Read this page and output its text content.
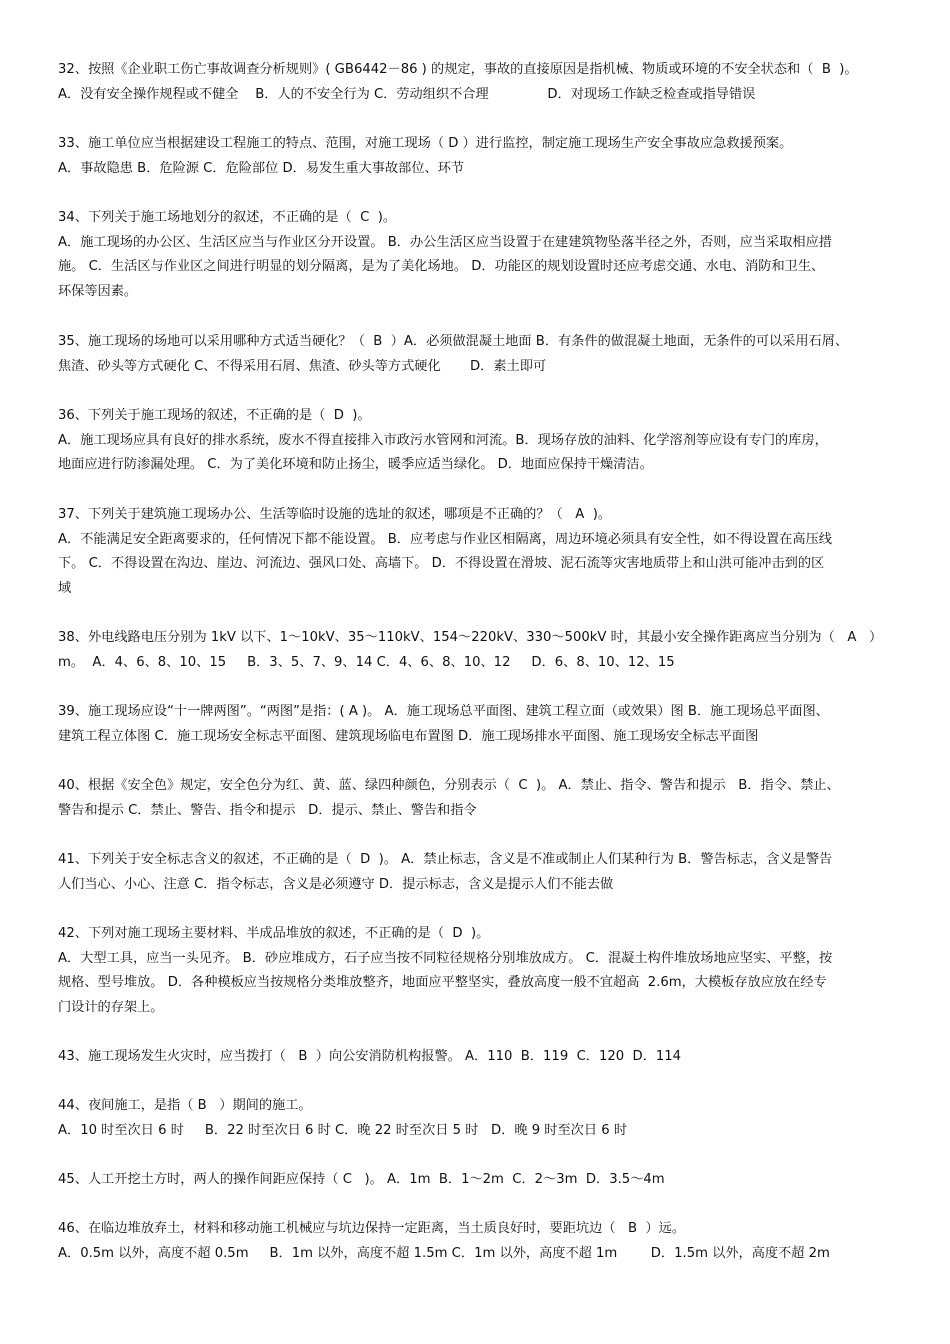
32、按照《企业职工伤亡事故调查分析规则》( GB6442－86 ) 的规定，事故的直接原因是指机械、物质或环境的不安全状态和（  B  )。
A．没有安全操作规程或不健全    B．人的不安全行为 C．劳动组织不合理              D．对现场工作缺乏检查或指导错误

33、施工单位应当根据建设工程施工的特点、范围，对施工现场（ D ）进行监控，制定施工现场生产安全事故应急救援预案。
A．事故隐患 B．危险源 C．危险部位 D．易发生重大事故部位、环节

34、下列关于施工场地划分的叙述，不正确的是（  C  )。
A．施工现场的办公区、生活区应当与作业区分开设置。 B．办公生活区应当设置于在建建筑物坠落半径之外，否则，应当采取相应措
施。 C．生活区与作业区之间进行明显的划分隔离，是为了美化场地。 D．功能区的规划设置时还应考虑交通、水电、消防和卫生、
环保等因素。

35、施工现场的场地可以采用哪种方式适当硬化？（  B  ）A．必须做混凝土地面 B．有条件的做混凝土地面，无条件的可以采用石屑、
焦渣、砂头等方式硬化 C、不得采用石屑、焦渣、砂头等方式硬化       D．素土即可

36、下列关于施工现场的叙述，不正确的是（  D  )。
A．施工现场应具有良好的排水系统，废水不得直接排入市政污水管网和河流。B．现场存放的油料、化学溶剂等应设有专门的库房，
地面应进行防渗漏处理。 C．为了美化环境和防止扬尘，暖季应适当绿化。 D．地面应保持干燥清洁。

37、下列关于建筑施工现场办公、生活等临时设施的选址的叙述，哪项是不正确的？（   A  )。
A．不能满足安全距离要求的，任何情况下都不能设置。 B．应考虑与作业区相隔离，周边环境必须具有安全性，如不得设置在高压线
下。 C．不得设置在沟边、崖边、河流边、强风口处、高墙下。 D．不得设置在滑坡、泥石流等灾害地质带上和山洪可能冲击到的区
域

38、外电线路电压分别为 1kV 以下、1～10kV、35～110kV、154～220kV、330～500kV 时，其最小安全操作距离应当分别为（   A   ）
m。  A．4、6、8、10、15     B．3、5、7、9、14 C．4、6、8、10、12     D．6、8、10、12、15

39、施工现场应设“十一牌两图”。“两图”是指：( A )。 A．施工现场总平面图、建筑工程立面（或效果）图 B．施工现场总平面图、
建筑工程立体图 C．施工现场安全标志平面图、建筑现场临电布置图 D．施工现场排水平面图、施工现场安全标志平面图

40、根据《安全色》规定，安全色分为红、黄、蓝、绿四种颜色，分别表示（  C  )。 A．禁止、指令、警告和提示   B．指令、禁止、
警告和提示 C．禁止、警告、指令和提示   D．提示、禁止、警告和指令

41、下列关于安全标志含义的叙述，不正确的是（  D  )。 A．禁止标志，含义是不准或制止人们某种行为 B．警告标志，含义是警告
人们当心、小心、注意 C．指令标志，含义是必须遵守 D．提示标志，含义是提示人们不能去做

42、下列对施工现场主要材料、半成品堆放的叙述，不正确的是（  D  )。
A．大型工具，应当一头见齐。 B．砂应堆成方，石子应当按不同粒径规格分别堆放成方。 C．混凝土构件堆放场地应坚实、平整，按
规格、型号堆放。 D．各种模板应当按规格分类堆放整齐，地面应平整坚实，叠放高度一般不宜超高  2.6m，大模板存放应放在经专
门设计的存架上。

43、施工现场发生火灾时，应当拨打（   B  ）向公安消防机构报警。 A．110  B．119  C．120  D．114

44、夜间施工，是指（ B   ）期间的施工。
A．10 时至次日 6 时     B．22 时至次日 6 时 C．晚 22 时至次日 5 时   D．晚 9 时至次日 6 时

45、人工开挖土方时，两人的操作间距应保持（ C   )。 A．1m  B．1～2m  C．2～3m  D．3.5～4m

46、在临边堆放弃土，材料和移动施工机械应与坑边保持一定距离，当土质良好时，要距坑边（   B  ）远。
A．0.5m 以外，高度不超 0.5m     B．1m 以外，高度不超 1.5m C．1m 以外，高度不超 1m        D．1.5m 以外，高度不超 2m
